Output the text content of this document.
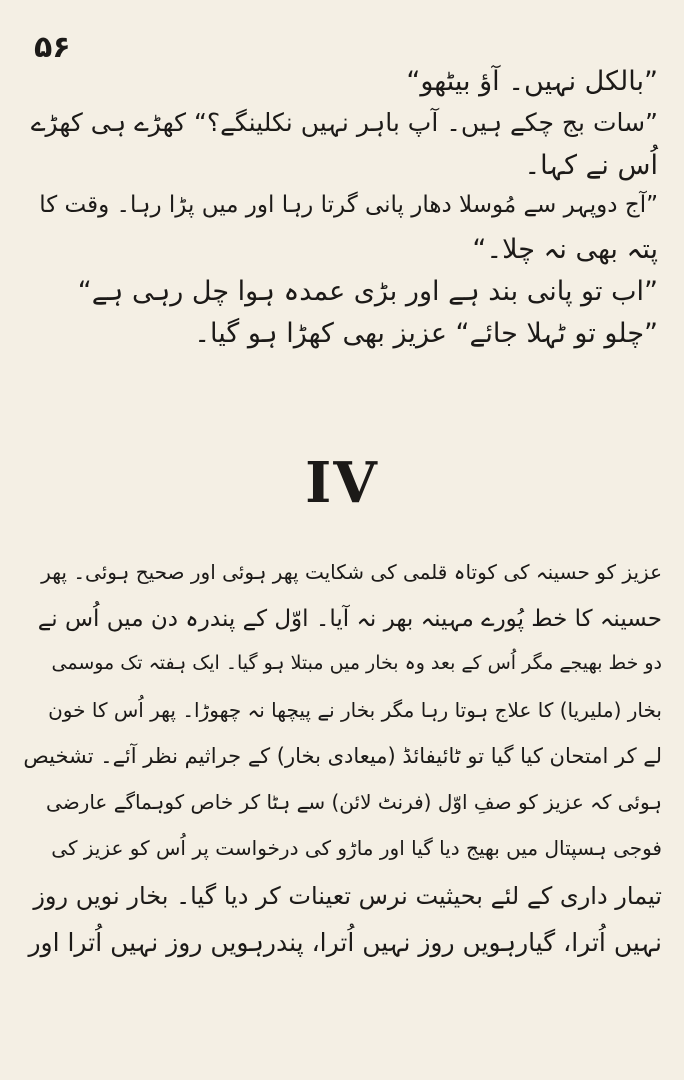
۵۶

”بالکل نہیں۔ آؤ بیٹھو“

”سات بج چکے ہیں۔ آپ باہر نہیں نکلینگے؟“ کھڑے ہی کھڑے

اُس نے کہا۔

”آج دوپہر سے مُوسلا دھار پانی گرتا رہا اور میں پڑا رہا۔ وقت کا

پتہ بھی نہ چلا۔“

”اب تو پانی بند ہے اور بڑی عمدہ ہوا چل رہی ہے“

”چلو تو ٹہلا جائے“ عزیز بھی کھڑا ہو گیا۔

IV

عزیز کو حسینہ کی کوتاہ قلمی کی شکایت پھر ہوئی اور صحیح ہوئی۔ پھر

حسینہ کا خط پُورے مہینہ بھر نہ آیا۔ اوّل کے پندرہ دن میں اُس نے

دو خط بھیجے مگر اُس کے بعد وہ بخار میں مبتلا ہو گیا۔ ایک ہفتہ تک موسمی

بخار (ملیریا) کا علاج ہوتا رہا مگر بخار نے پیچھا نہ چھوڑا۔ پھر اُس کا خون

لے کر امتحان کیا گیا تو ٹائیفائڈ (میعادی بخار) کے جراثیم نظر آئے۔ تشخیص

ہوئی کہ عزیز کو صفِ اوّل (فرنٹ لائن) سے ہٹا کر خاص کوہماگے عارضی

فوجی ہسپتال میں بھیج دیا گیا اور ماڑو کی درخواست پر اُس کو عزیز کی

تیمار داری کے لئے بحیثیت نرس تعینات کر دیا گیا۔ بخار نویں روز

نہیں اُترا، گیارہویں روز نہیں اُترا، پندرہویں روز نہیں اُترا اور
